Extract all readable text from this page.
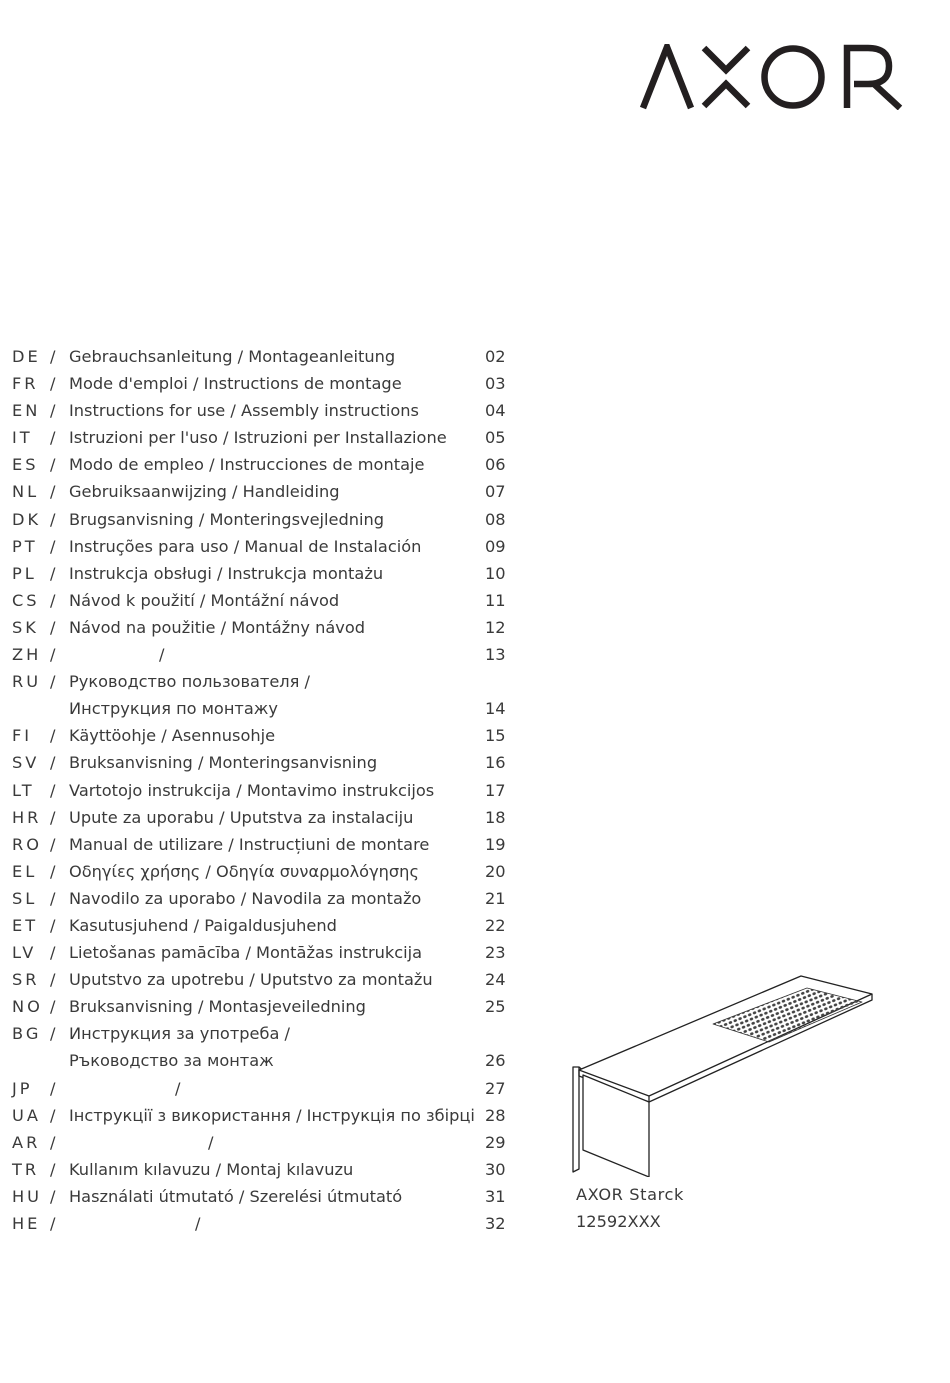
DE / Gebrauchsanleitung / Montageanleitung	02
FR / Mode d'emploi / Instructions de montage	03
EN / Instructions for use / Assembly instructions	04
IT / Istruzioni per l'uso / Istruzioni per Installazione 05
ES / Modo de empleo / Instrucciones de montaje	06
NL / Gebruiksaanwijzing / Handleiding	07
DK / Brugsanvisning / Monteringsvejledning	08
PT / Instruções para uso / Manual de Instalación	09
PL / Instrukcja obsługi / Instrukcja montażu	10
CS / Návod k použití / Montážní návod	11
SK / Návod na použitie / Montážny návod	12
ZH /	/	13
RU / Руководство пользователя /
Инструкция по монтажу	14
FI / Käyttöohje / Asennusohje	15
SV / Bruksanvisning / Monteringsanvisning	16
LT / Vartotojo instrukcija / Montavimo instrukcijos	17
HR / Upute za uporabu / Uputstva za instalaciju	18
RO / Manual de utilizare / Instrucțiuni de montare	19
EL / Οδηγίες χρήσης / Οδηγία συναρμολόγησης	20
SL / Navodilo za uporabo / Navodila za montažo	21
ET / Kasutusjuhend / Paigaldusjuhend	22
LV / Lietošanas pamācība / Montāžas instrukcija	23
SR / Uputstvo za upotrebu / Uputstvo za montažu	24
NO / Bruksanvisning / Montasjeveiledning	25
BG / Инструкция за употреба /
Ръководство за монтаж	26
JP /	/	27
UA / Інструкції з використання / Інструкція по збірці 28
AR /	/	29
TR / Kullanım kılavuzu / Montaj kılavuzu	30
HU / Használati útmutató / Szerelési útmutató	31
HE /	/	32
AXOR Starck
12592XXX
